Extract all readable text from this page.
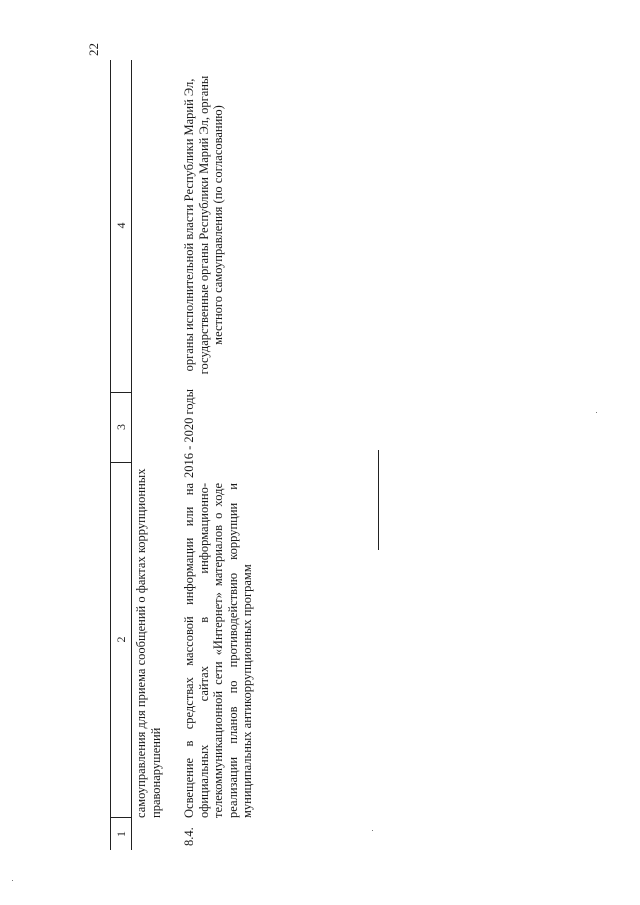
22
1
2
3
4
самоуправления для приема сообщений о фактах коррупционных правонарушений
8.4.
Освещение в средствах массовой информации или на официальных сайтах в информационно-телекоммуникационной сети «Интернет» материалов о ходе реализации планов по противодействию коррупции и муниципальных антикоррупционных программ
2016 - 2020 годы
органы исполнительной власти Республики Марий Эл, государственные органы Республики Марий Эл, органы местного самоуправления (по согласованию)
